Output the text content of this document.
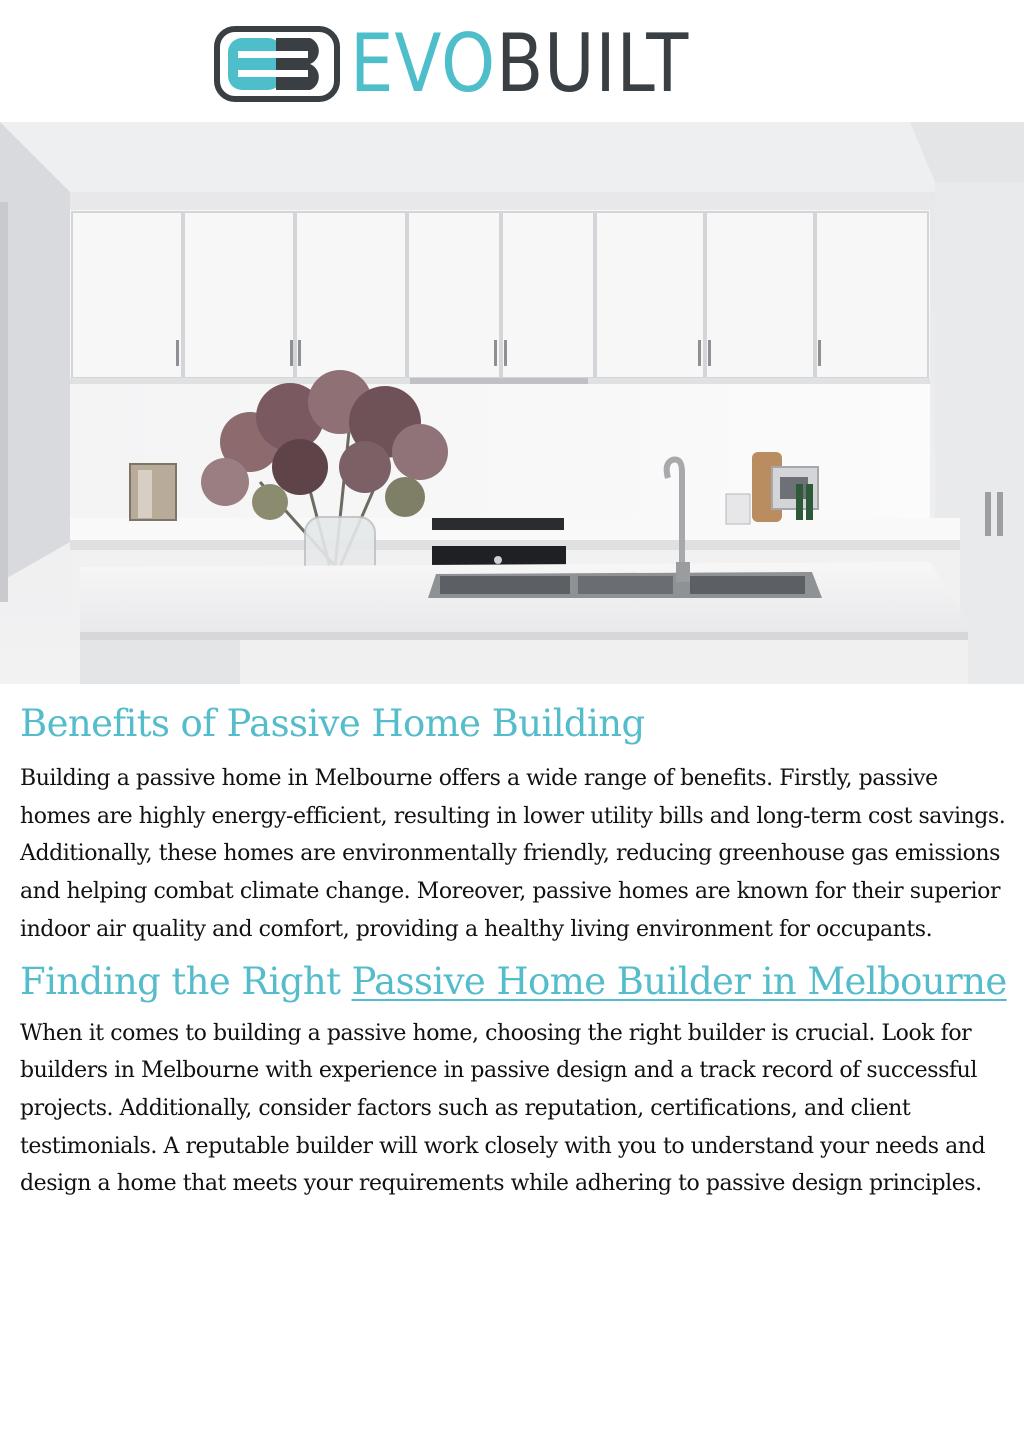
EVOBUILT
Benefits of Passive Home Building

Building a passive home in Melbourne offers a wide range of benefits. Firstly, passive homes are highly energy-efficient, resulting in lower utility bills and long-term cost savings. Additionally, these homes are environmentally friendly, reducing greenhouse gas emissions and helping combat climate change. Moreover, passive homes are known for their superior indoor air quality and comfort, providing a healthy living environment for occupants.

Finding the Right Passive Home Builder in Melbourne

When it comes to building a passive home, choosing the right builder is crucial. Look for builders in Melbourne with experience in passive design and a track record of successful projects. Additionally, consider factors such as reputation, certifications, and client testimonials. A reputable builder will work closely with you to understand your needs and design a home that meets your requirements while adhering to passive design principles.
